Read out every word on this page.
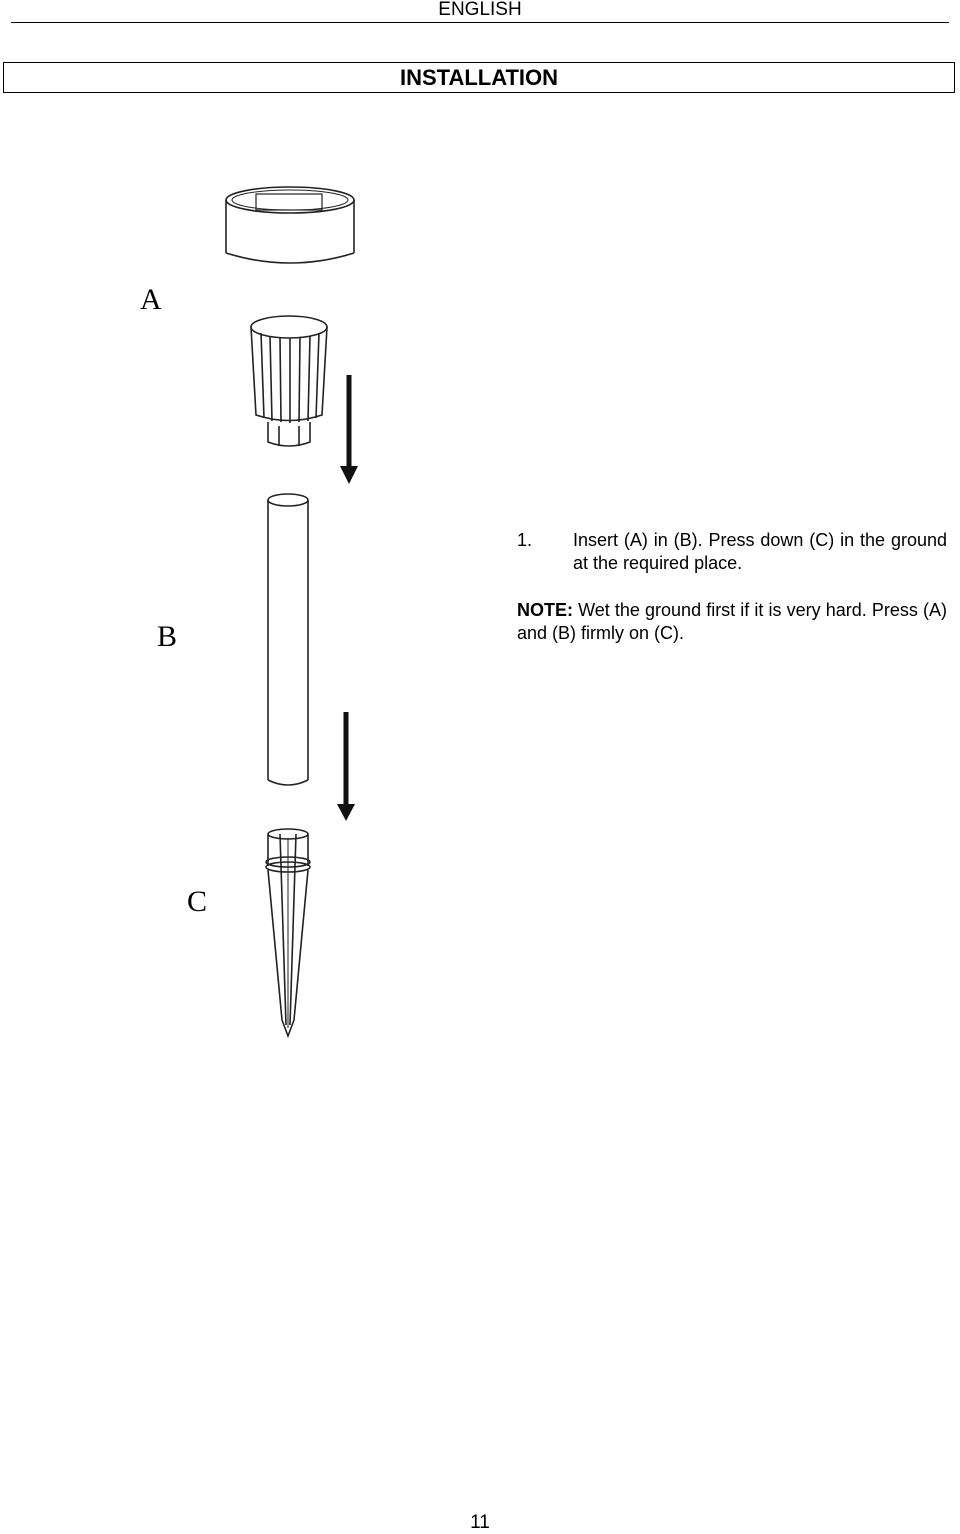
ENGLISH
INSTALLATION
A
B
C
1.	Insert (A) in (B). Press down (C) in the ground at the required place.
NOTE: Wet the ground first if it is very hard. Press (A) and (B) firmly on (C).
11
